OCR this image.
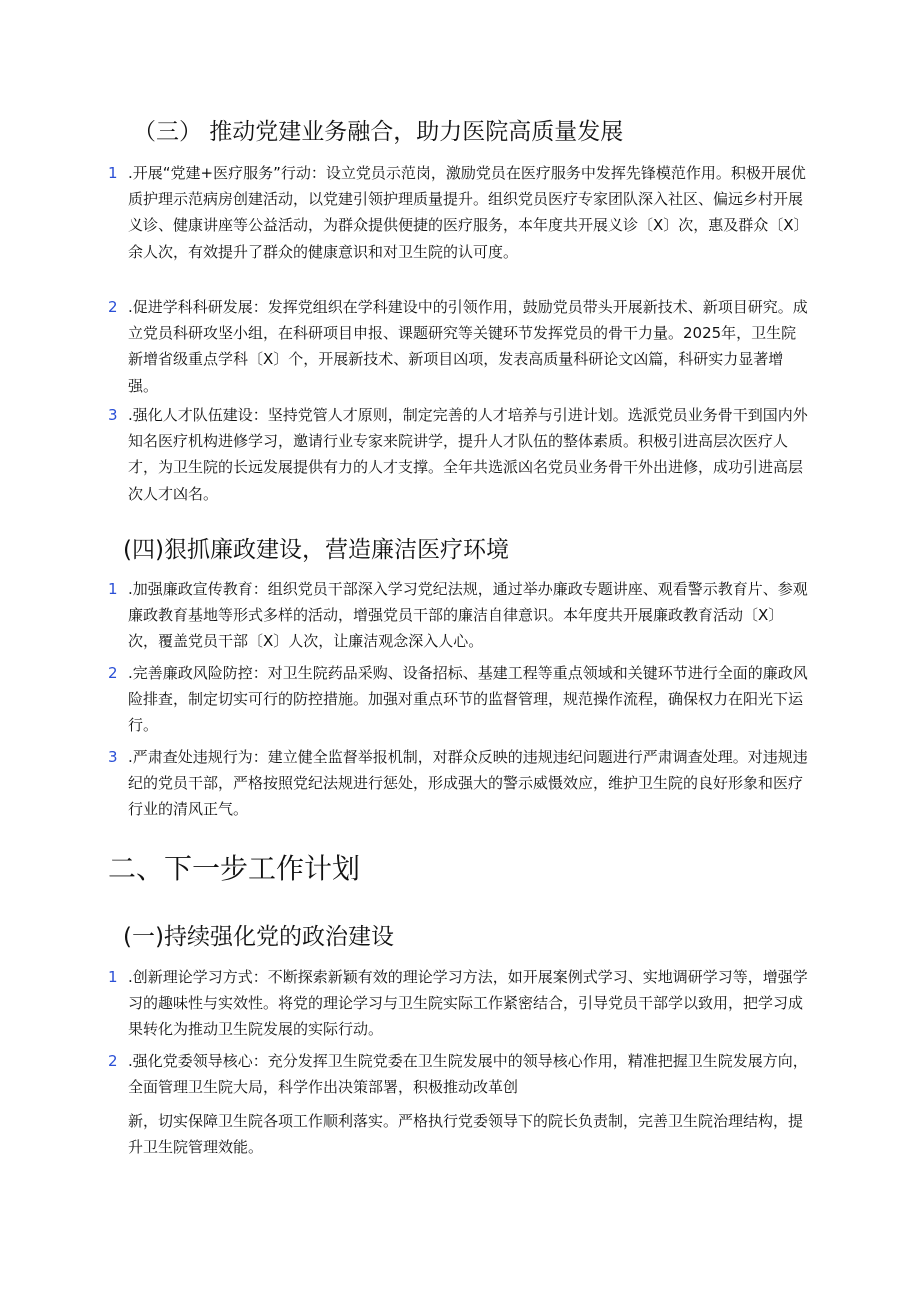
（三） 推动党建业务融合，助力医院高质量发展
1 .开展“党建+医疗服务”行动：设立党员示范岗，激励党员在医疗服务中发挥先锋模范作用。积极开展优质护理示范病房创建活动，以党建引领护理质量提升。组织党员医疗专家团队深入社区、偏远乡村开展义诊、健康讲座等公益活动，为群众提供便捷的医疗服务，本年度共开展义诊〔X〕次，惠及群众〔X〕余人次，有效提升了群众的健康意识和对卫生院的认可度。
2 .促进学科科研发展：发挥党组织在学科建设中的引领作用，鼓励党员带头开展新技术、新项目研究。成立党员科研攻坚小组，在科研项目申报、课题研究等关键环节发挥党员的骨干力量。2025年，卫生院新增省级重点学科〔X〕个，开展新技术、新项目凶项，发表高质量科研论文凶篇，科研实力显著增强。
3 .强化人才队伍建设：坚持党管人才原则，制定完善的人才培养与引进计划。选派党员业务骨干到国内外知名医疗机构进修学习，邀请行业专家来院讲学，提升人才队伍的整体素质。积极引进高层次医疗人才，为卫生院的长远发展提供有力的人才支撑。全年共选派凶名党员业务骨干外出进修，成功引进高层次人才凶名。
(四)狠抓廉政建设，营造廉洁医疗环境
1 .加强廉政宣传教育：组织党员干部深入学习党纪法规，通过举办廉政专题讲座、观看警示教育片、参观廉政教育基地等形式多样的活动，增强党员干部的廉洁自律意识。本年度共开展廉政教育活动〔X〕次，覆盖党员干部〔X〕人次，让廉洁观念深入人心。
2 .完善廉政风险防控：对卫生院药品采购、设备招标、基建工程等重点领域和关键环节进行全面的廉政风险排查，制定切实可行的防控措施。加强对重点环节的监督管理，规范操作流程，确保权力在阳光下运行。
3 .严肃查处违规行为：建立健全监督举报机制，对群众反映的违规违纪问题进行严肃调查处理。对违规违纪的党员干部，严格按照党纪法规进行惩处，形成强大的警示威慑效应，维护卫生院的良好形象和医疗行业的清风正气。
二、下一步工作计划
(一)持续强化党的政治建设
1 .创新理论学习方式：不断探索新颖有效的理论学习方法，如开展案例式学习、实地调研学习等，增强学习的趣味性与实效性。将党的理论学习与卫生院实际工作紧密结合，引导党员干部学以致用，把学习成果转化为推动卫生院发展的实际行动。
2 .强化党委领导核心：充分发挥卫生院党委在卫生院发展中的领导核心作用，精准把握卫生院发展方向，全面管理卫生院大局，科学作出决策部署，积极推动改革创
新，切实保障卫生院各项工作顺利落实。严格执行党委领导下的院长负责制，完善卫生院治理结构，提升卫生院管理效能。
